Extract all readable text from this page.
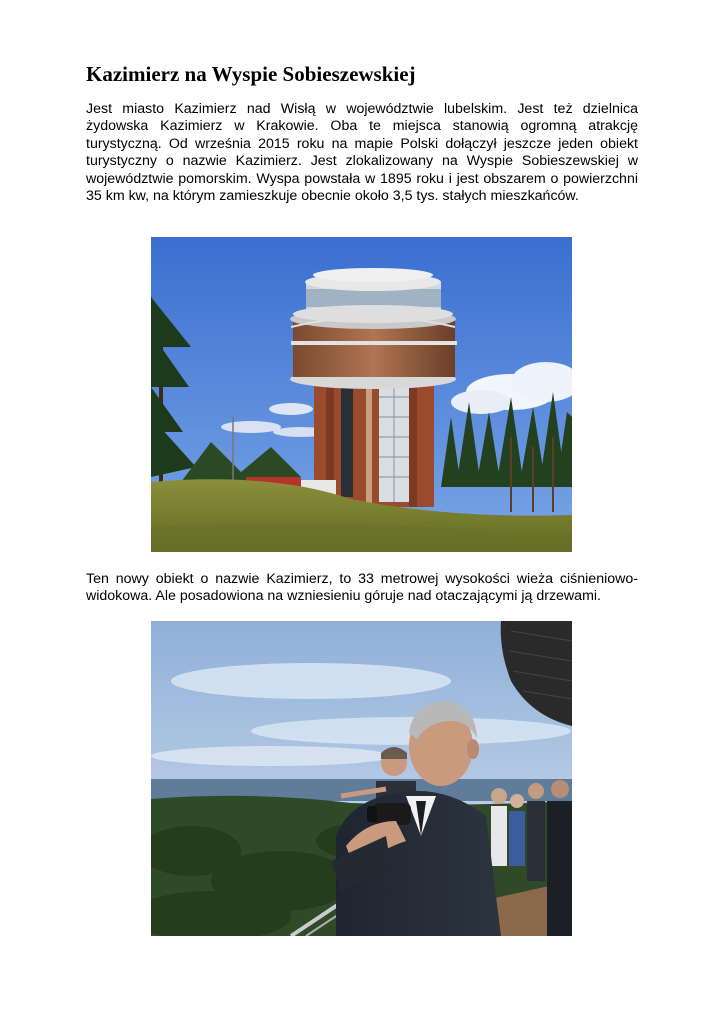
Kazimierz na Wyspie Sobieszewskiej

Jest miasto Kazimierz nad Wisłą w województwie lubelskim. Jest też dzielnica żydowska Kazimierz w Krakowie. Oba te miejsca stanowią ogromną atrakcję turystyczną. Od września 2015 roku na mapie Polski dołączył jeszcze jeden obiekt turystyczny o nazwie Kazimierz. Jest zlokalizowany na Wyspie Sobieszewskiej w województwie pomorskim. Wyspa powstała w 1895 roku i jest obszarem o powierzchni 35 km kw, na którym zamieszkuje obecnie około 3,5 tys. stałych mieszkańców.

Ten nowy obiekt o nazwie Kazimierz, to 33 metrowej wysokości wieża ciśnieniowo-widokowa. Ale posadowiona na wzniesieniu góruje nad otaczającymi ją drzewami.
